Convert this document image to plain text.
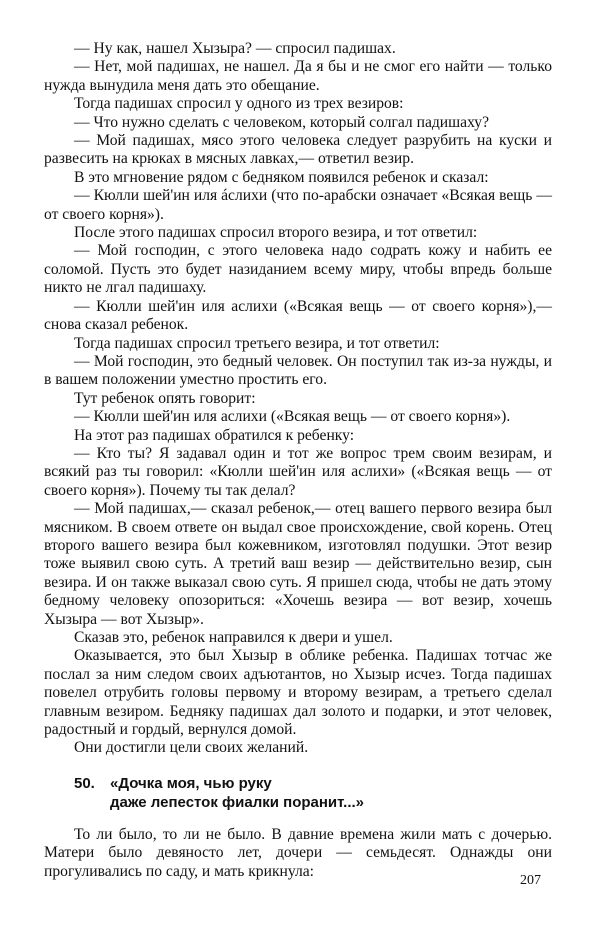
— Ну как, нашел Хызыра? — спросил падишах.

— Нет, мой падишах, не нашел. Да я бы и не смог его найти — только нужда вынудила меня дать это обещание.

Тогда падишах спросил у одного из трех везиров:

— Что нужно сделать с человеком, который солгал падишаху?

— Мой падишах, мясо этого человека следует разрубить на куски и развесить на крюках в мясных лавках,— ответил везир.

В это мгновение рядом с бедняком появился ребенок и сказал:

— Кюлли шей'ин иля áслихи (что по-арабски означает «Всякая вещь — от своего корня»).

После этого падишах спросил второго везира, и тот ответил:

— Мой господин, с этого человека надо содрать кожу и набить ее соломой. Пусть это будет назиданием всему миру, чтобы впредь больше никто не лгал падишаху.

— Кюлли шей'ин иля аслихи («Всякая вещь — от своего корня»),— снова сказал ребенок.

Тогда падишах спросил третьего везира, и тот ответил:

— Мой господин, это бедный человек. Он поступил так из-за нужды, и в вашем положении уместно простить его.

Тут ребенок опять говорит:

— Кюлли шей'ин иля аслихи («Всякая вещь — от своего корня»).

На этот раз падишах обратился к ребенку:

— Кто ты? Я задавал один и тот же вопрос трем своим везирам, и всякий раз ты говорил: «Кюлли шей'ин иля аслихи» («Всякая вещь — от своего корня»). Почему ты так делал?

— Мой падишах,— сказал ребенок,— отец вашего первого везира был мясником. В своем ответе он выдал свое происхождение, свой корень. Отец второго вашего везира был кожевником, изготовлял подушки. Этот везир тоже выявил свою суть. А третий ваш везир — действительно везир, сын везира. И он также выказал свою суть. Я пришел сюда, чтобы не дать этому бедному человеку опозориться: «Хочешь везира — вот везир, хочешь Хызыра — вот Хызыр».

Сказав это, ребенок направился к двери и ушел.

Оказывается, это был Хызыр в облике ребенка. Падишах тотчас же послал за ним следом своих адъютантов, но Хызыр исчез. Тогда падишах повелел отрубить головы первому и второму везирам, а третьего сделал главным везиром. Бедняку падишах дал золото и подарки, и этот человек, радостный и гордый, вернулся домой.

Они достигли цели своих желаний.

50. «Дочка моя, чью руку
даже лепесток фиалки поранит...»

То ли было, то ли не было. В давние времена жили мать с дочерью. Матери было девяносто лет, дочери — семьдесят. Однажды они прогуливались по саду, и мать крикнула:

207
